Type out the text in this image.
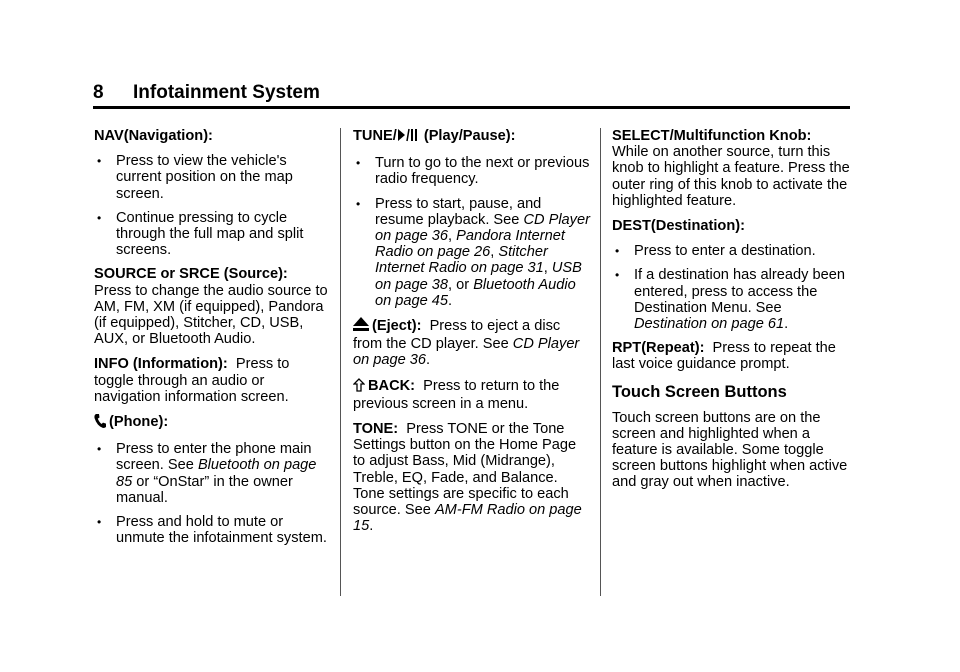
8 Infotainment System

NAV(Navigation):

• Press to view the vehicle's current position on the map screen.
• Continue pressing to cycle through the full map and split screens.

SOURCE or SRCE (Source):
Press to change the audio source to AM, FM, XM (if equipped), Pandora (if equipped), Stitcher, CD, USB, AUX, or Bluetooth Audio.

INFO (Information): Press to toggle through an audio or navigation information screen.

(Phone):

• Press to enter the phone main screen. See Bluetooth on page 85 or “OnStar” in the owner manual.
• Press and hold to mute or unmute the infotainment system.

TUNE/ (Play/Pause):

• Turn to go to the next or previous radio frequency.
• Press to start, pause, and resume playback. See CD Player on page 36, Pandora Internet Radio on page 26, Stitcher Internet Radio on page 31, USB on page 38, or Bluetooth Audio on page 45.

(Eject): Press to eject a disc from the CD player. See CD Player on page 36.

BACK: Press to return to the previous screen in a menu.

TONE: Press TONE or the Tone Settings button on the Home Page to adjust Bass, Mid (Midrange), Treble, EQ, Fade, and Balance. Tone settings are specific to each source. See AM-FM Radio on page 15.

SELECT/Multifunction Knob:
While on another source, turn this knob to highlight a feature. Press the outer ring of this knob to activate the highlighted feature.

DEST(Destination):

• Press to enter a destination.
• If a destination has already been entered, press to access the Destination Menu. See Destination on page 61.

RPT(Repeat): Press to repeat the last voice guidance prompt.

Touch Screen Buttons

Touch screen buttons are on the screen and highlighted when a feature is available. Some toggle screen buttons highlight when active and gray out when inactive.
